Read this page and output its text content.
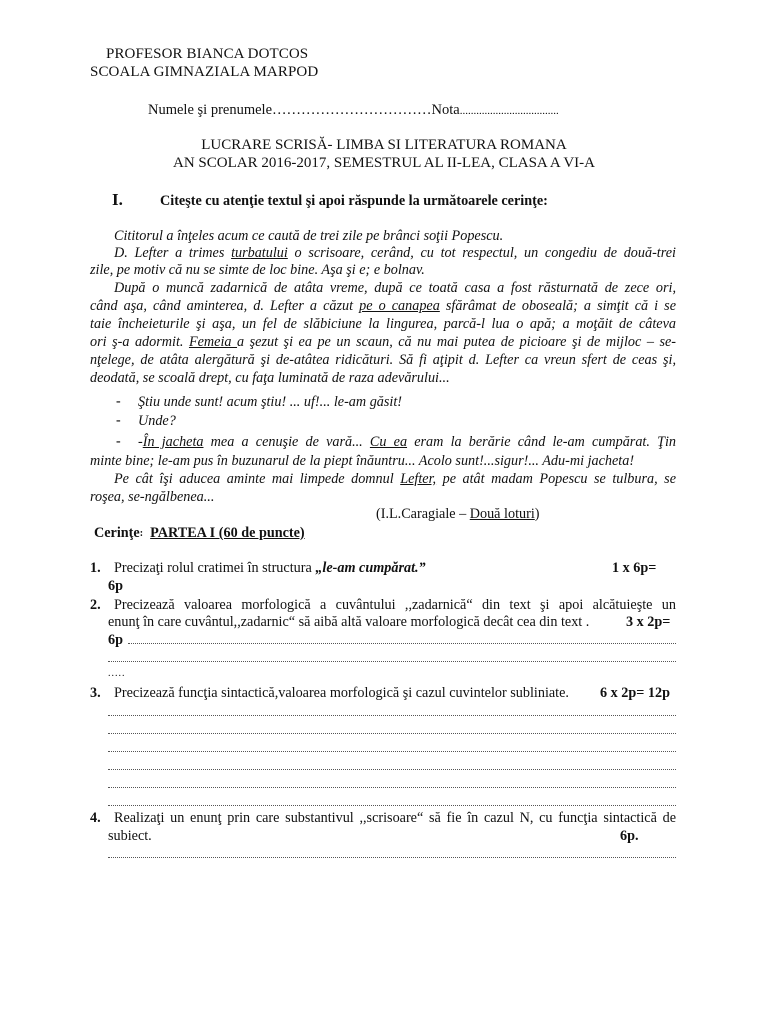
PROFESOR BIANCA DOTCOS
SCOALA GIMNAZIALA MARPOD
Numele şi prenumele……………………………Nota....................................
LUCRARE SCRISĂ- LIMBA SI LITERATURA ROMANA
AN SCOLAR 2016-2017, SEMESTRUL AL II-LEA, CLASA A VI-A
I.	Citeşte cu atenţie textul şi apoi răspunde la următoarele cerinţe:
Cititorul a înţeles acum ce caută de trei zile pe brânci soţii Popescu.
D. Lefter a trimes turbatului o scrisoare, cerând, cu tot respectul, un congediu de două-trei
zile, pe motiv că nu se simte de loc bine. Aşa şi e; e bolnav.
După o muncă zadarnică de atâta vreme, după ce toată casa a fost răsturnată de zece ori,
când aşa, când aminterea, d. Lefter a căzut pe o canapea sfărâmat de oboseală; a simţit că i se
taie încheieturile şi aşa, un fel de slăbiciune la lingurea, parcă-l lua o apă; a moţăit de câteva
ori ş-a adormit. Femeia a şezut şi ea pe un scaun, că nu mai putea de picioare şi de mijloc – se-
nţelege, de atâta alergătură şi de-atâtea ridicături. Să fi aţipit d. Lefter ca vreun sfert de ceas şi,
deodată, se scoală drept, cu faţa luminată de raza adevărului...
- Ştiu unde sunt! acum ştiu! ... uf!... le-am găsit!
- Unde?
- -În jacheta mea a cenuşie de vară... Cu ea eram la berărie când le-am cumpărat. Ţin
minte bine; le-am pus în buzunarul de la piept înăuntru... Acolo sunt!...sigur!... Adu-mi jacheta!
Pe cât îşi aducea aminte mai limpede domnul Lefter, pe atât madam Popescu se tulbura, se
roşea, se-ngălbenea...
(I.L.Caragiale – Două loturi)
Cerinţe: PARTEA I (60 de puncte)
1. Precizaţi rolul cratimei în structura „le-am cumpărat.”	1 x 6p=
6p
2. Precizează valoarea morfologică a cuvântului ,,zadarnică“ din text şi apoi alcătuieşte un
enunţ în care cuvântul,,zadarnic“ să aibă altă valoare morfologică decât cea din text .	3 x 2p=
6p
.....
3. Precizează funcţia sintactică,valoarea morfologică şi cazul cuvintelor subliniate. 6 x 2p= 12p
4. Realizaţi un enunţ prin care substantivul ,,scrisoare“ să fie în cazul N, cu funcţia sintactică de
subiect.	6p.
